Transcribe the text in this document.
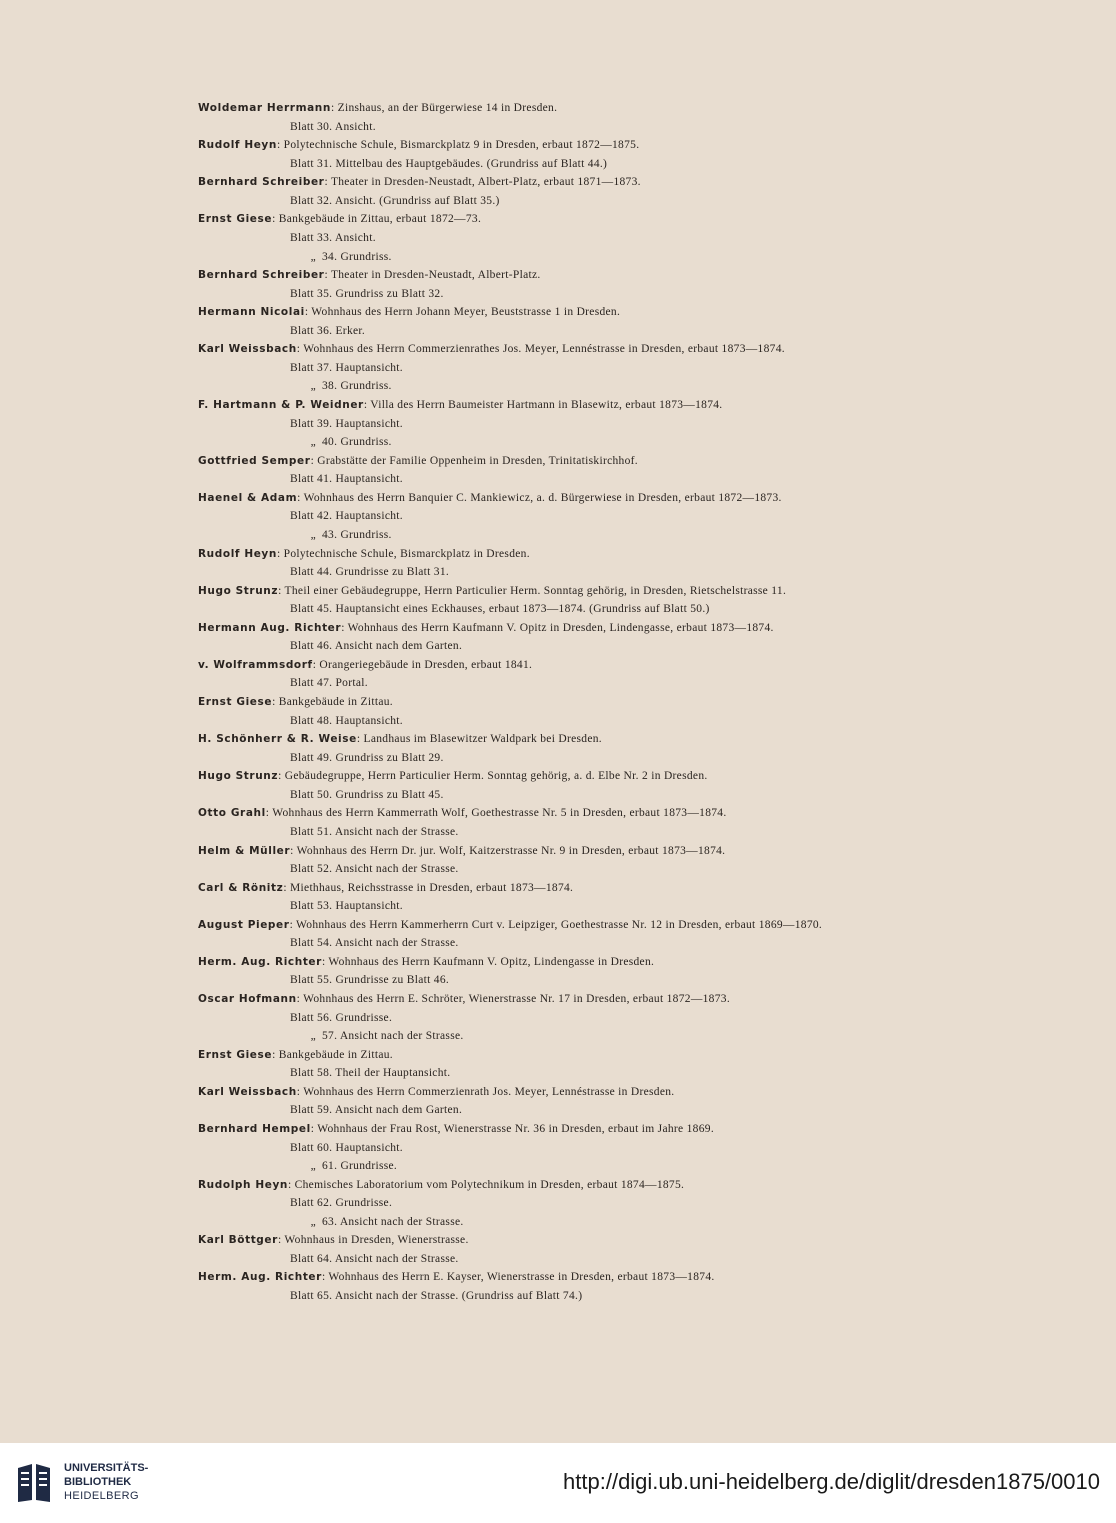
Woldemar Herrmann: Zinshaus, an der Bürgerwiese 14 in Dresden.
Blatt 30. Ansicht.
Rudolf Heyn: Polytechnische Schule, Bismarckplatz 9 in Dresden, erbaut 1872—1875.
Blatt 31. Mittelbau des Hauptgebäudes. (Grundriss auf Blatt 44.)
Bernhard Schreiber: Theater in Dresden-Neustadt, Albert-Platz, erbaut 1871—1873.
Blatt 32. Ansicht. (Grundriss auf Blatt 35.)
Ernst Giese: Bankgebäude in Zittau, erbaut 1872—73.
Blatt 33. Ansicht.
„ 34. Grundriss.
Bernhard Schreiber: Theater in Dresden-Neustadt, Albert-Platz.
Blatt 35. Grundriss zu Blatt 32.
Hermann Nicolai: Wohnhaus des Herrn Johann Meyer, Beuststrasse 1 in Dresden.
Blatt 36. Erker.
Karl Weissbach: Wohnhaus des Herrn Commerzienrathes Jos. Meyer, Lennéstrasse in Dresden, erbaut 1873—1874.
Blatt 37. Hauptansicht.
„ 38. Grundriss.
F. Hartmann & P. Weidner: Villa des Herrn Baumeister Hartmann in Blasewitz, erbaut 1873—1874.
Blatt 39. Hauptansicht.
„ 40. Grundriss.
Gottfried Semper: Grabstätte der Familie Oppenheim in Dresden, Trinitatiskirchhof.
Blatt 41. Hauptansicht.
Haenel & Adam: Wohnhaus des Herrn Banquier C. Mankiewicz, a. d. Bürgerwiese in Dresden, erbaut 1872—1873.
Blatt 42. Hauptansicht.
„ 43. Grundriss.
Rudolf Heyn: Polytechnische Schule, Bismarckplatz in Dresden.
Blatt 44. Grundrisse zu Blatt 31.
Hugo Strunz: Theil einer Gebäudegruppe, Herrn Particulier Herm. Sonntag gehörig, in Dresden, Rietschelstrasse 11.
Blatt 45. Hauptansicht eines Eckhauses, erbaut 1873—1874. (Grundriss auf Blatt 50.)
Hermann Aug. Richter: Wohnhaus des Herrn Kaufmann V. Opitz in Dresden, Lindengasse, erbaut 1873—1874.
Blatt 46. Ansicht nach dem Garten.
v. Wolframmsdorf: Orangeriegebäude in Dresden, erbaut 1841.
Blatt 47. Portal.
Ernst Giese: Bankgebäude in Zittau.
Blatt 48. Hauptansicht.
H. Schönherr & R. Weise: Landhaus im Blasewitzer Waldpark bei Dresden.
Blatt 49. Grundriss zu Blatt 29.
Hugo Strunz: Gebäudegruppe, Herrn Particulier Herm. Sonntag gehörig, a. d. Elbe Nr. 2 in Dresden.
Blatt 50. Grundriss zu Blatt 45.
Otto Grahl: Wohnhaus des Herrn Kammerrath Wolf, Goethestrasse Nr. 5 in Dresden, erbaut 1873—1874.
Blatt 51. Ansicht nach der Strasse.
Helm & Müller: Wohnhaus des Herrn Dr. jur. Wolf, Kaitzerstrasse Nr. 9 in Dresden, erbaut 1873—1874.
Blatt 52. Ansicht nach der Strasse.
Carl & Rönitz: Miethhaus, Reichsstrasse in Dresden, erbaut 1873—1874.
Blatt 53. Hauptansicht.
August Pieper: Wohnhaus des Herrn Kammerherrn Curt v. Leipziger, Goethestrasse Nr. 12 in Dresden, erbaut 1869—1870.
Blatt 54. Ansicht nach der Strasse.
Herm. Aug. Richter: Wohnhaus des Herrn Kaufmann V. Opitz, Lindengasse in Dresden.
Blatt 55. Grundrisse zu Blatt 46.
Oscar Hofmann: Wohnhaus des Herrn E. Schröter, Wienerstrasse Nr. 17 in Dresden, erbaut 1872—1873.
Blatt 56. Grundrisse.
„ 57. Ansicht nach der Strasse.
Ernst Giese: Bankgebäude in Zittau.
Blatt 58. Theil der Hauptansicht.
Karl Weissbach: Wohnhaus des Herrn Commerzienrath Jos. Meyer, Lennéstrasse in Dresden.
Blatt 59. Ansicht nach dem Garten.
Bernhard Hempel: Wohnhaus der Frau Rost, Wienerstrasse Nr. 36 in Dresden, erbaut im Jahre 1869.
Blatt 60. Hauptansicht.
„ 61. Grundrisse.
Rudolph Heyn: Chemisches Laboratorium vom Polytechnikum in Dresden, erbaut 1874—1875.
Blatt 62. Grundrisse.
„ 63. Ansicht nach der Strasse.
Karl Böttger: Wohnhaus in Dresden, Wienerstrasse.
Blatt 64. Ansicht nach der Strasse.
Herm. Aug. Richter: Wohnhaus des Herrn E. Kayser, Wienerstrasse in Dresden, erbaut 1873—1874.
Blatt 65. Ansicht nach der Strasse. (Grundriss auf Blatt 74.)
UNIVERSITÄTS-
BIBLIOTHEK
HEIDELBERG
http://digi.ub.uni-heidelberg.de/diglit/dresden1875/0010
